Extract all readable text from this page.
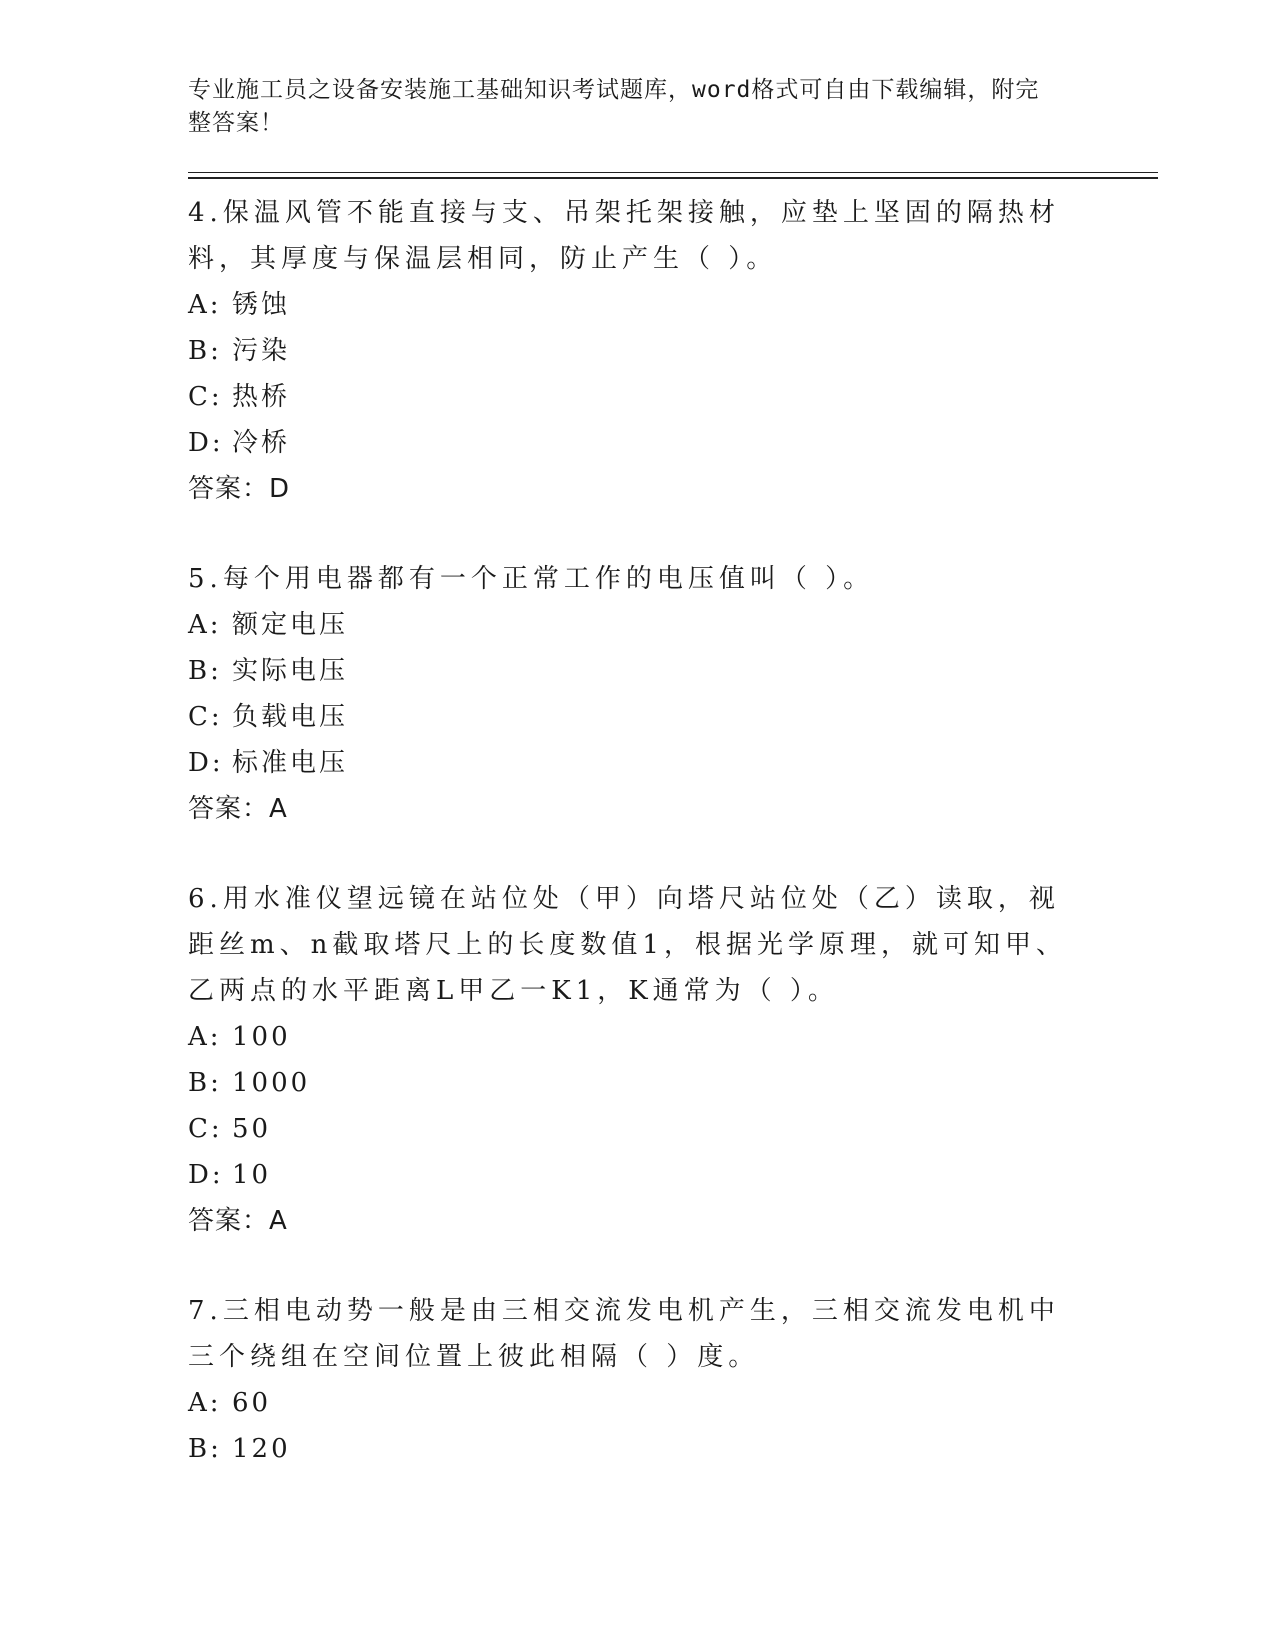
专业施工员之设备安装施工基础知识考试题库，word格式可自由下载编辑，附完
整答案！

4.保温风管不能直接与支、吊架托架接触，应垫上坚固的隔热材料，其厚度与保温层相同，防止产生（ ）。

A: 锈蚀

B: 污染

C: 热桥

D: 冷桥

答案：D

5.每个用电器都有一个正常工作的电压值叫（ ）。

A: 额定电压

B: 实际电压

C: 负载电压

D: 标准电压

答案：A

6.用水准仪望远镜在站位处（甲）向塔尺站位处（乙）读取，视距丝m、n截取塔尺上的长度数值1，根据光学原理，就可知甲、乙两点的水平距离L甲乙一K1，K通常为（ ）。

A: 100

B: 1000

C: 50

D: 10

答案：A

7.三相电动势一般是由三相交流发电机产生，三相交流发电机中三个绕组在空间位置上彼此相隔（ ）度。

A: 60

B: 120
